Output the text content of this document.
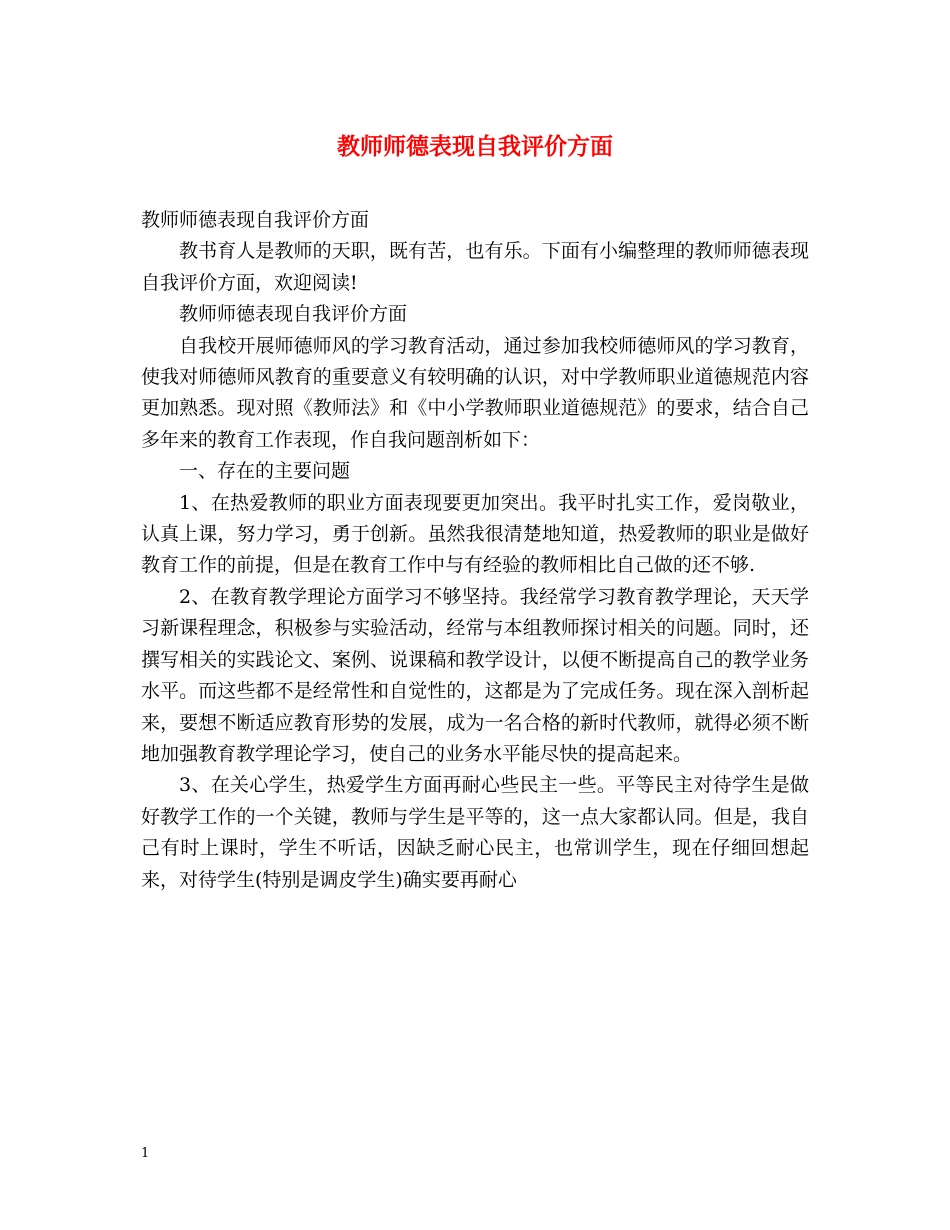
教师师德表现自我评价方面

教师师德表现自我评价方面

教书育人是教师的天职，既有苦，也有乐。下面有小编整理的教师师德表现自我评价方面，欢迎阅读!

教师师德表现自我评价方面

自我校开展师德师风的学习教育活动，通过参加我校师德师风的学习教育，使我对师德师风教育的重要意义有较明确的认识，对中学教师职业道德规范内容更加熟悉。现对照《教师法》和《中小学教师职业道德规范》的要求，结合自己多年来的教育工作表现，作自我问题剖析如下：

一、存在的主要问题

1、在热爱教师的职业方面表现要更加突出。我平时扎实工作，爱岗敬业，认真上课，努力学习，勇于创新。虽然我很清楚地知道，热爱教师的职业是做好教育工作的前提，但是在教育工作中与有经验的教师相比自己做的还不够.

2、在教育教学理论方面学习不够坚持。我经常学习教育教学理论，天天学习新课程理念，积极参与实验活动，经常与本组教师探讨相关的问题。同时，还撰写相关的实践论文、案例、说课稿和教学设计，以便不断提高自己的教学业务水平。而这些都不是经常性和自觉性的，这都是为了完成任务。现在深入剖析起来，要想不断适应教育形势的发展，成为一名合格的新时代教师，就得必须不断地加强教育教学理论学习，使自己的业务水平能尽快的提高起来。

3、在关心学生，热爱学生方面再耐心些民主一些。平等民主对待学生是做好教学工作的一个关键，教师与学生是平等的，这一点大家都认同。但是，我自己有时上课时，学生不听话，因缺乏耐心民主，也常训学生，现在仔细回想起来，对待学生(特别是调皮学生)确实要再耐心

1
